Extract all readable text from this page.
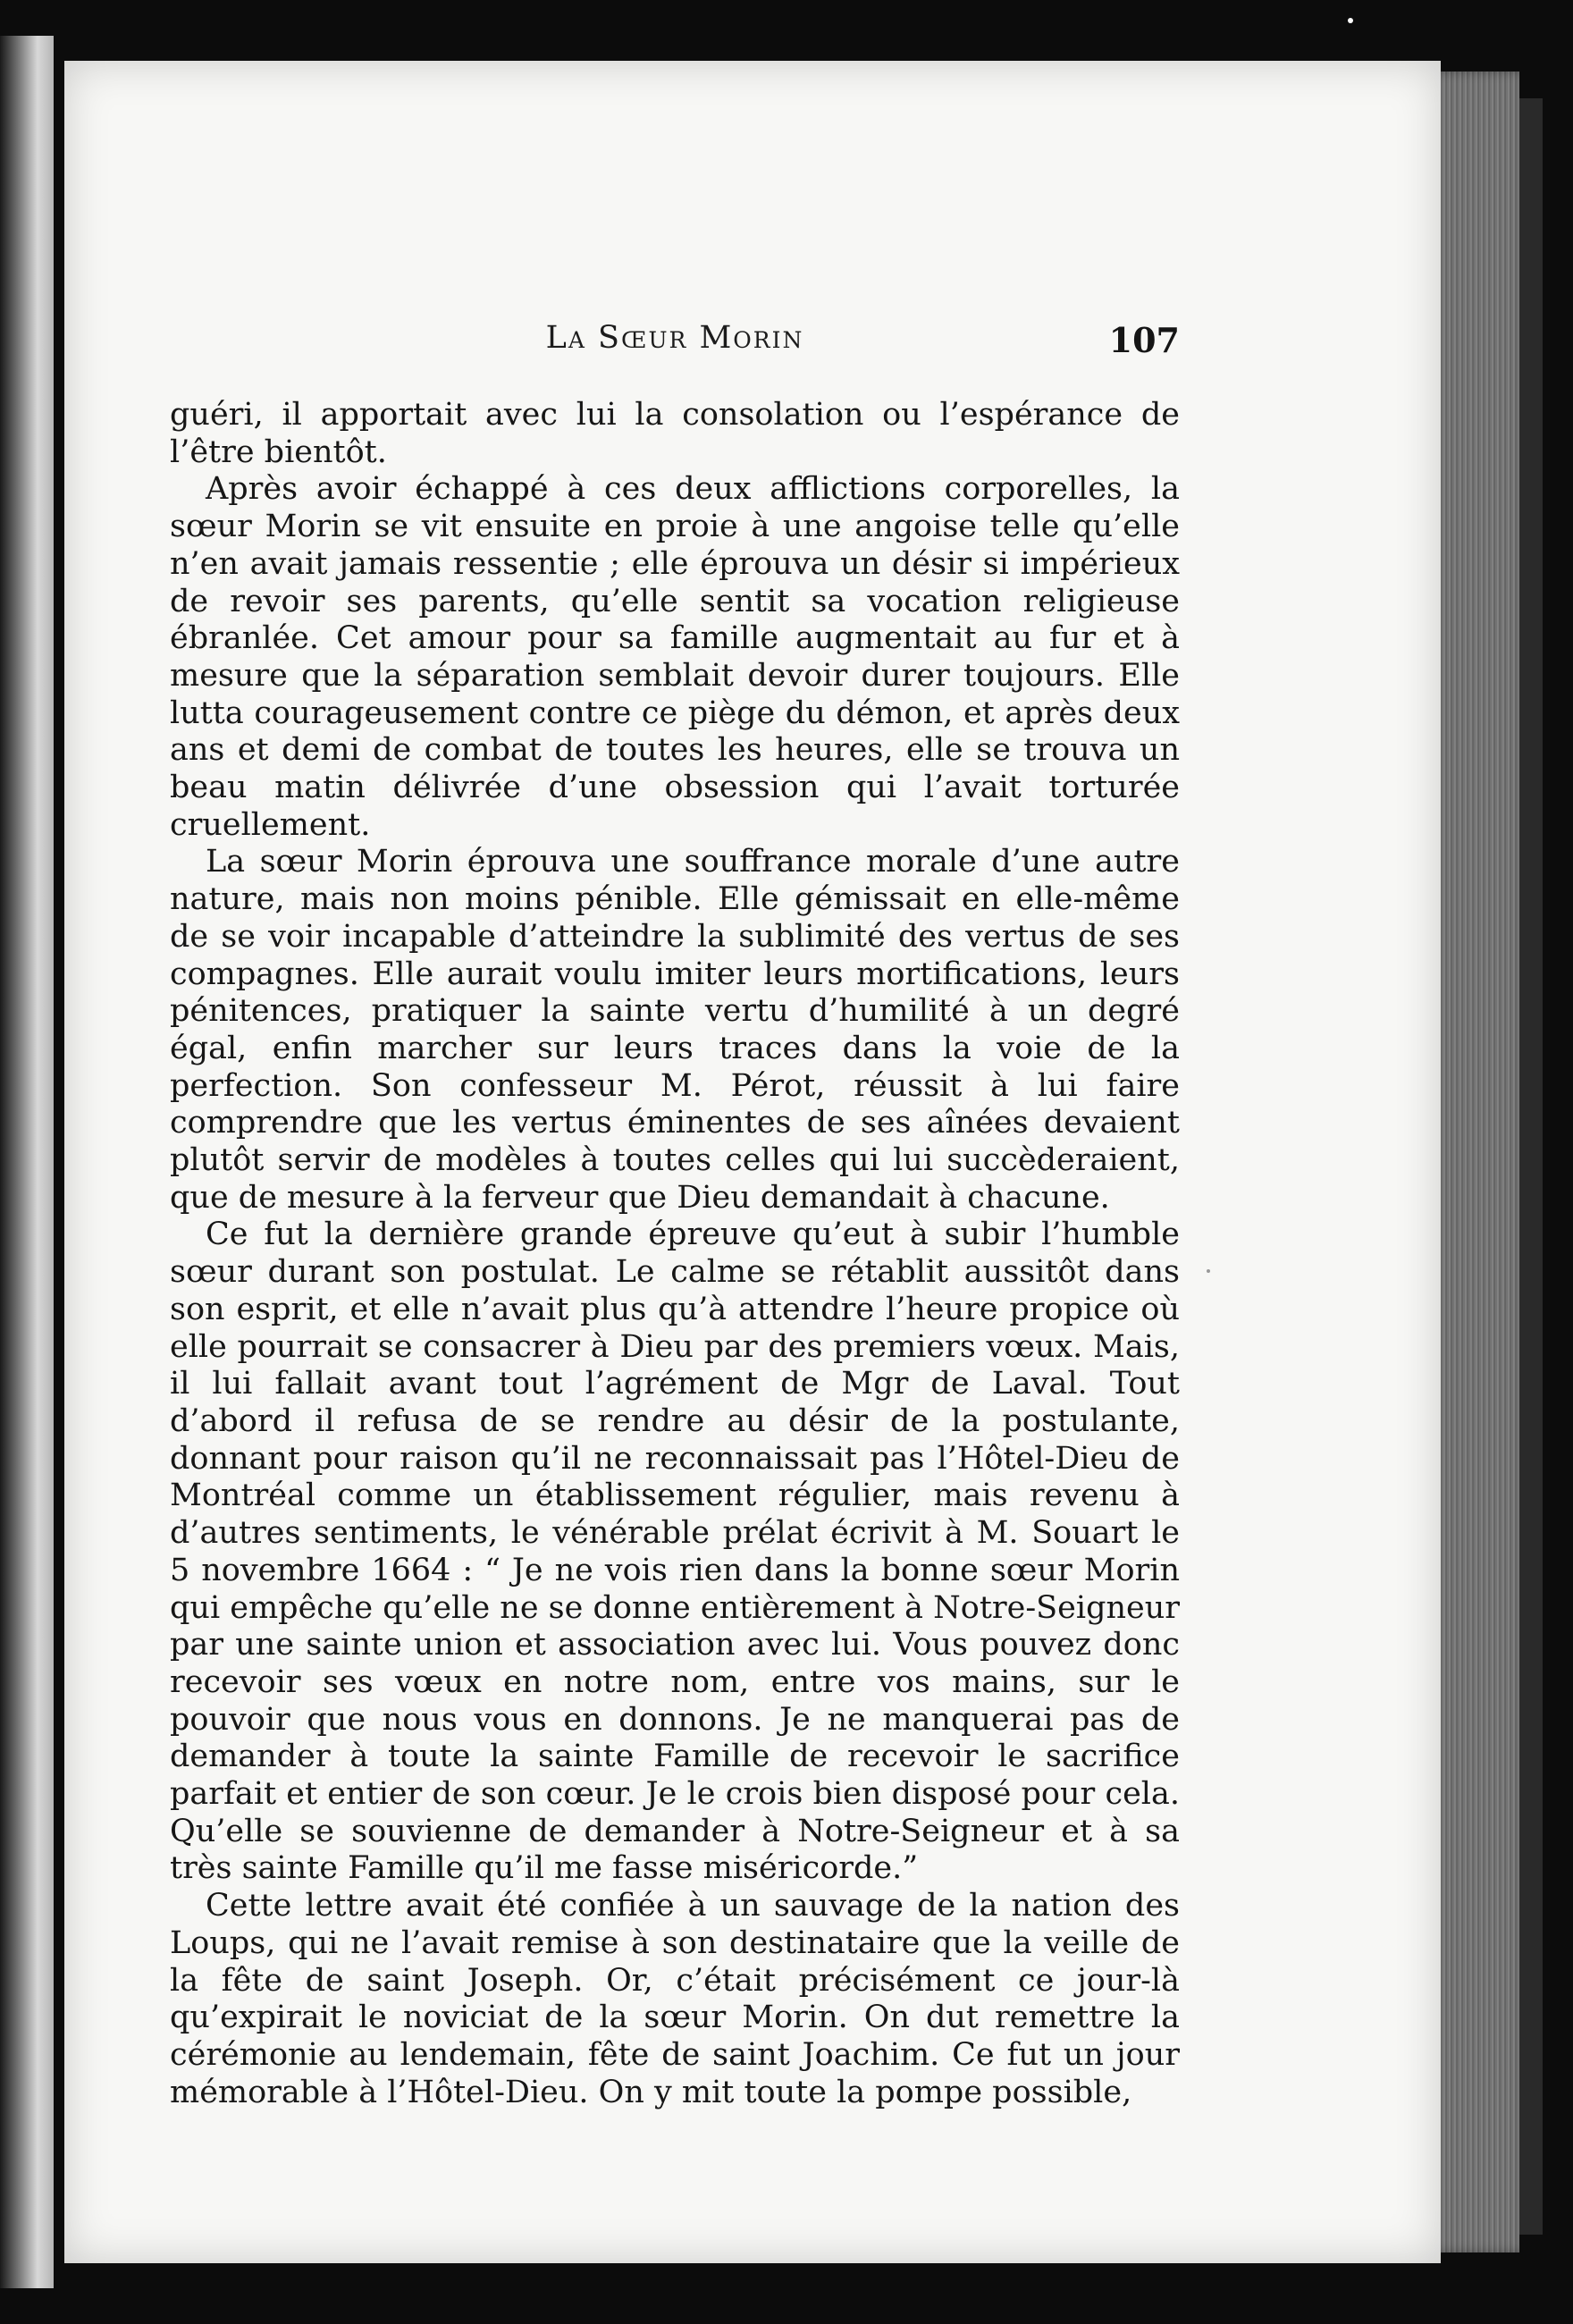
La Sœur Morin	107

guéri, il apportait avec lui la consolation ou l’espérance de l’être bientôt.

Après avoir échappé à ces deux afflictions corporelles, la sœur Morin se vit ensuite en proie à une angoise telle qu’elle n’en avait jamais ressentie ; elle éprouva un désir si impérieux de revoir ses parents, qu’elle sentit sa vocation religieuse ébranlée. Cet amour pour sa famille augmentait au fur et à mesure que la séparation semblait devoir durer toujours. Elle lutta courageusement contre ce piège du démon, et après deux ans et demi de combat de toutes les heures, elle se trouva un beau matin délivrée d’une obsession qui l’avait torturée cruellement.

La sœur Morin éprouva une souffrance morale d’une autre nature, mais non moins pénible. Elle gémissait en elle-même de se voir incapable d’atteindre la sublimité des vertus de ses compagnes. Elle aurait voulu imiter leurs mortifications, leurs pénitences, pratiquer la sainte vertu d’humilité à un degré égal, enfin marcher sur leurs traces dans la voie de la perfection. Son confesseur M. Pérot, réussit à lui faire comprendre que les vertus éminentes de ses aînées devaient plutôt servir de modèles à toutes celles qui lui succèderaient, que de mesure à la ferveur que Dieu demandait à chacune.

Ce fut la dernière grande épreuve qu’eut à subir l’humble sœur durant son postulat. Le calme se rétablit aussitôt dans son esprit, et elle n’avait plus qu’à attendre l’heure propice où elle pourrait se consacrer à Dieu par des premiers vœux. Mais, il lui fallait avant tout l’agrément de Mgr de Laval. Tout d’abord il refusa de se rendre au désir de la postulante, donnant pour raison qu’il ne reconnaissait pas l’Hôtel-Dieu de Montréal comme un établissement régulier, mais revenu à d’autres sentiments, le vénérable prélat écrivit à M. Souart le 5 novembre 1664 : “ Je ne vois rien dans la bonne sœur Morin qui empêche qu’elle ne se donne entièrement à Notre-Seigneur par une sainte union et association avec lui. Vous pouvez donc recevoir ses vœux en notre nom, entre vos mains, sur le pouvoir que nous vous en donnons. Je ne manquerai pas de demander à toute la sainte Famille de recevoir le sacrifice parfait et entier de son cœur. Je le crois bien disposé pour cela. Qu’elle se souvienne de demander à Notre-Seigneur et à sa très sainte Famille qu’il me fasse miséricorde.”

Cette lettre avait été confiée à un sauvage de la nation des Loups, qui ne l’avait remise à son destinataire que la veille de la fête de saint Joseph. Or, c’était précisément ce jour-là qu’expirait le noviciat de la sœur Morin. On dut remettre la cérémonie au lendemain, fête de saint Joachim. Ce fut un jour mémorable à l’Hôtel-Dieu. On y mit toute la pompe possible,
